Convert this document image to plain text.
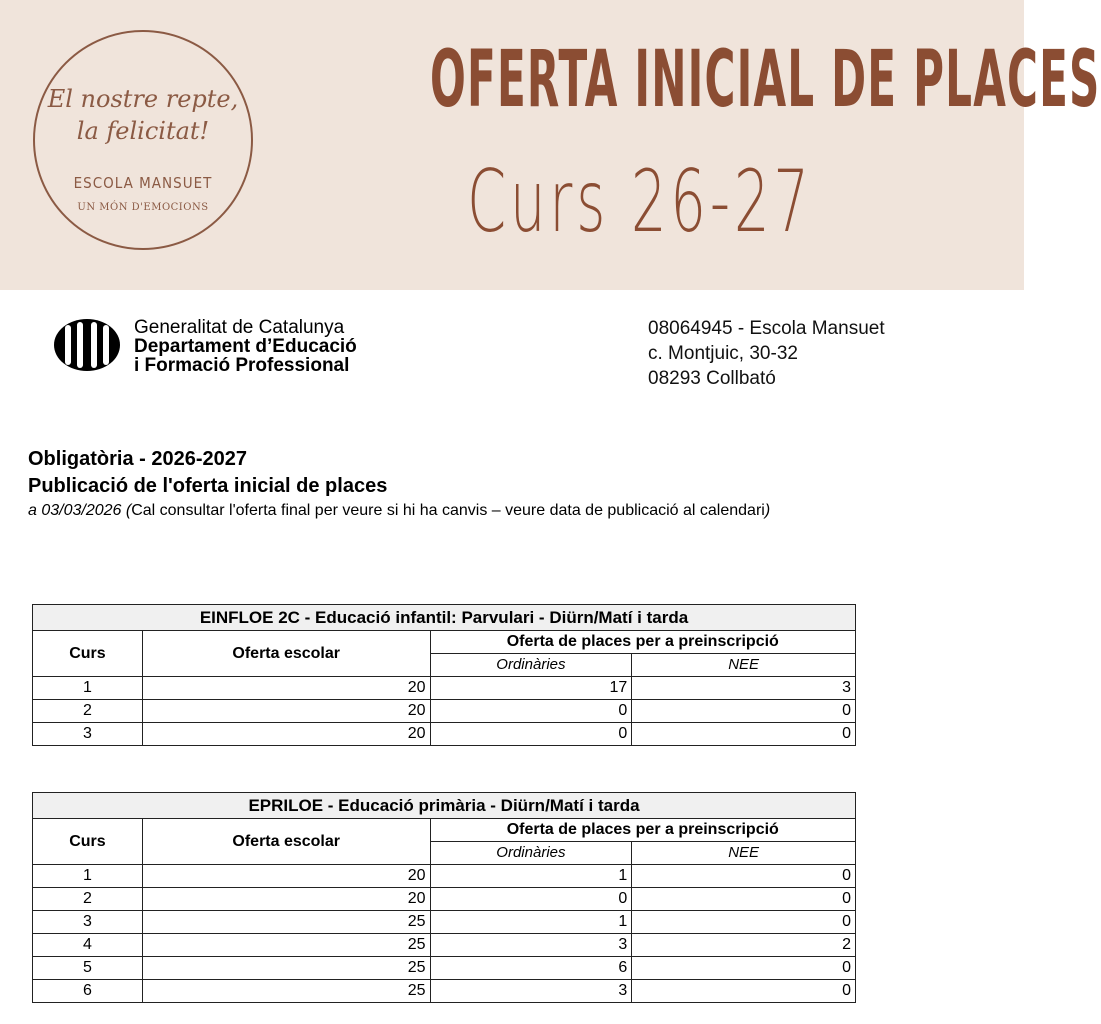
El nostre repte,
la felicitat!
ESCOLA MANSUET
UN MÓN D'EMOCIONS
OFERTA INICIAL DE PLACES
Curs 26-27
Generalitat de Catalunya
Departament d’Educació
i Formació Professional
08064945 - Escola Mansuet
c. Montjuic, 30-32
08293 Collbató
Obligatòria - 2026-2027
Publicació de l'oferta inicial de places
a 03/03/2026 (Cal consultar l'oferta final per veure si hi ha canvis – veure data de publicació al calendari)
EINFLOE 2C - Educació infantil: Parvulari - Diürn/Matí i tarda			
Curs	Oferta escolar	Oferta de places per a preinscripció	
		Ordinàries	NEE
1	20	17	3
2	20	0	0
3	20	0	0
EPRILOE - Educació primària - Diürn/Matí i tarda			
Curs	Oferta escolar	Oferta de places per a preinscripció	
		Ordinàries	NEE
1	20	1	0
2	20	0	0
3	25	1	0
4	25	3	2
5	25	6	0
6	25	3	0
